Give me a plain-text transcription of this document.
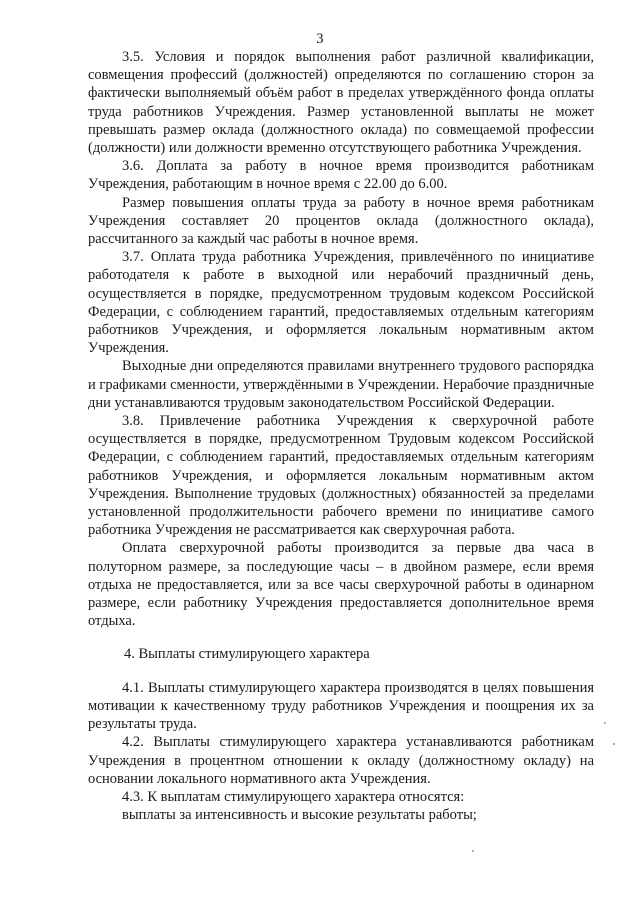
3

3.5. Условия и порядок выполнения работ различной квалификации, совмещения профессий (должностей) определяются по соглашению сторон за фактически выполняемый объём работ в пределах утверждённого фонда оплаты труда работников Учреждения. Размер установленной выплаты не может превышать размер оклада (должностного оклада) по совмещаемой профессии (должности) или должности временно отсутствующего работника Учреждения.

3.6. Доплата за работу в ночное время производится работникам Учреждения, работающим в ночное время с 22.00 до 6.00.

Размер повышения оплаты труда за работу в ночное время работникам Учреждения составляет 20 процентов оклада (должностного оклада), рассчитанного за каждый час работы в ночное время.

3.7. Оплата труда работника Учреждения, привлечённого по инициативе работодателя к работе в выходной или нерабочий праздничный день, осуществляется в порядке, предусмотренном трудовым кодексом Российской Федерации, с соблюдением гарантий, предоставляемых отдельным категориям работников Учреждения, и оформляется локальным нормативным актом Учреждения.

Выходные дни определяются правилами внутреннего трудового распорядка и графиками сменности, утверждёнными в Учреждении. Нерабочие праздничные дни устанавливаются трудовым законодательством Российской Федерации.

3.8. Привлечение работника Учреждения к сверхурочной работе осуществляется в порядке, предусмотренном Трудовым кодексом Российской Федерации, с соблюдением гарантий, предоставляемых отдельным категориям работников Учреждения, и оформляется локальным нормативным актом Учреждения. Выполнение трудовых (должностных) обязанностей за пределами установленной продолжительности рабочего времени по инициативе самого работника Учреждения не рассматривается как сверхурочная работа.

Оплата сверхурочной работы производится за первые два часа в полуторном размере, за последующие часы – в двойном размере, если время отдыха не предоставляется, или за все часы сверхурочной работы в одинарном размере, если работнику Учреждения предоставляется дополнительное время отдыха.

4. Выплаты стимулирующего характера

4.1. Выплаты стимулирующего характера производятся в целях повышения мотивации к качественному труду работников Учреждения и поощрения их за результаты труда.

4.2. Выплаты стимулирующего характера устанавливаются работникам Учреждения в процентном отношении к окладу (должностному окладу) на основании локального нормативного акта Учреждения.

4.3. К выплатам стимулирующего характера относятся:

выплаты за интенсивность и высокие результаты работы;
